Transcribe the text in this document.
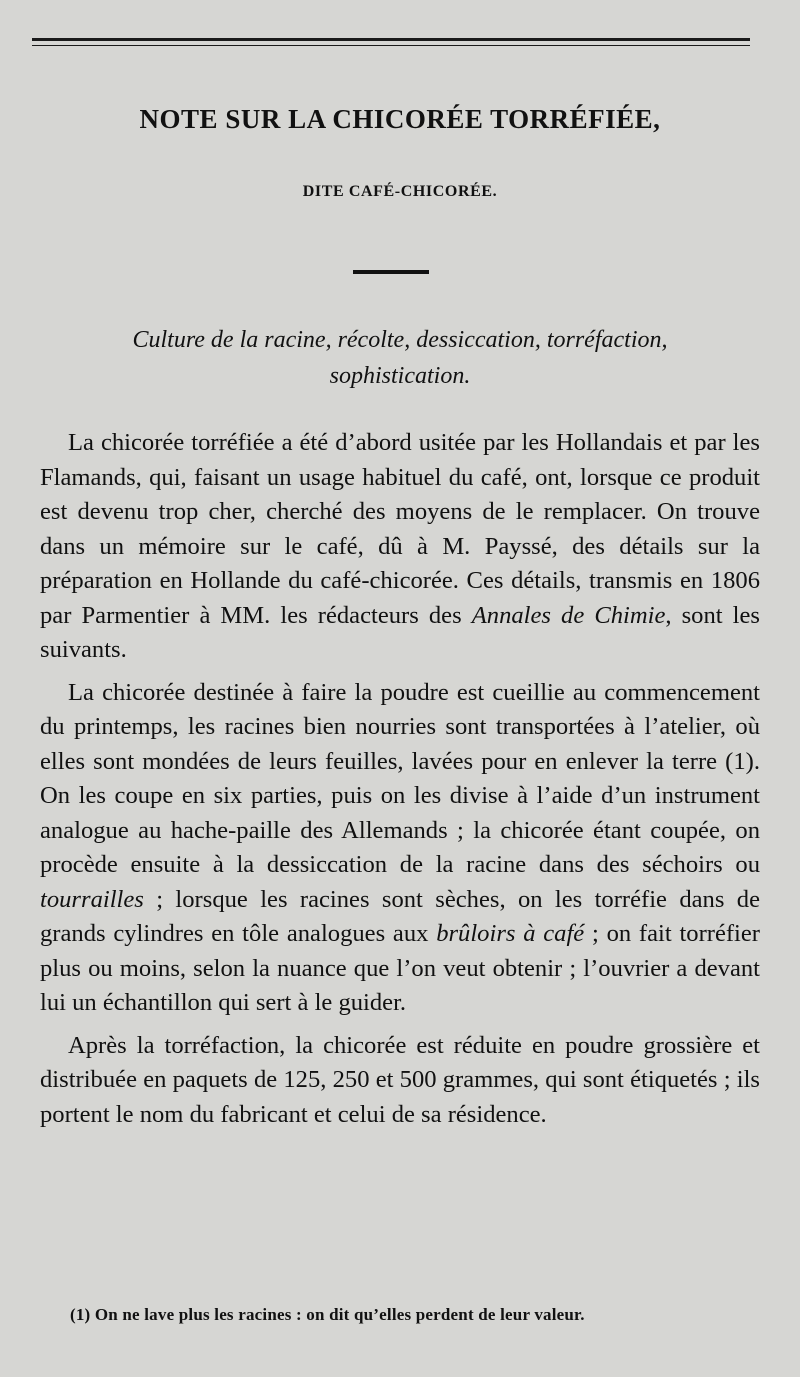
NOTE SUR LA CHICORÉE TORRÉFIÉE,
DITE CAFÉ-CHICORÉE.
Culture de la racine, récolte, dessiccation, torréfaction,
sophistication.

La chicorée torréfiée a été d’abord usitée par les Hollandais et par les Flamands, qui, faisant un usage habituel du café, ont, lorsque ce produit est devenu trop cher, cherché des moyens de le remplacer. On trouve dans un mémoire sur le café, dû à M. Payssé, des détails sur la préparation en Hollande du café-chicorée. Ces détails, transmis en 1806 par Parmentier à MM. les rédacteurs des Annales de Chimie, sont les suivants.

La chicorée destinée à faire la poudre est cueillie au commencement du printemps, les racines bien nourries sont transportées à l’atelier, où elles sont mondées de leurs feuilles, lavées pour en enlever la terre (1). On les coupe en six parties, puis on les divise à l’aide d’un instrument analogue au hache-paille des Allemands ; la chicorée étant coupée, on procède ensuite à la dessiccation de la racine dans des séchoirs ou tourrailles ; lorsque les racines sont sèches, on les torréfie dans de grands cylindres en tôle analogues aux brûloirs à café ; on fait torréfier plus ou moins, selon la nuance que l’on veut obtenir ; l’ouvrier a devant lui un échantillon qui sert à le guider.

Après la torréfaction, la chicorée est réduite en poudre grossière et distribuée en paquets de 125, 250 et 500 grammes, qui sont étiquetés ; ils portent le nom du fabricant et celui de sa résidence.

(1) On ne lave plus les racines : on dit qu’elles perdent de leur valeur.
